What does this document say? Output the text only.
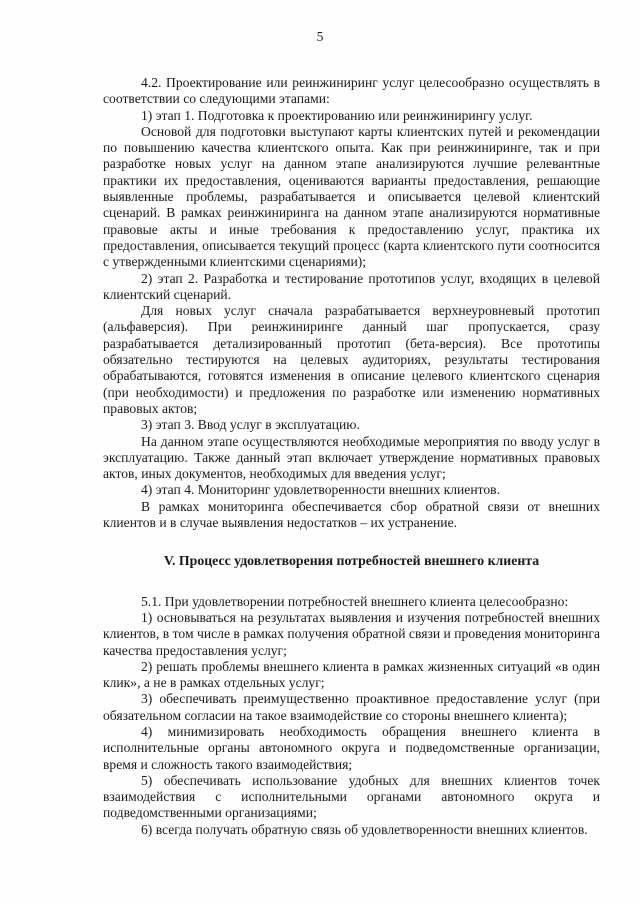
5

4.2. Проектирование или реинжиниринг услуг целесообразно осуществлять в соответствии со следующими этапами:

1) этап 1. Подготовка к проектированию или реинжинирингу услуг.

Основой для подготовки выступают карты клиентских путей и рекомендации по повышению качества клиентского опыта. Как при реинжиниринге, так и при разработке новых услуг на данном этапе анализируются лучшие релевантные практики их предоставления, оцениваются варианты предоставления, решающие выявленные проблемы, разрабатывается и описывается целевой клиентский сценарий. В рамках реинжиниринга на данном этапе анализируются нормативные правовые акты и иные требования к предоставлению услуг, практика их предоставления, описывается текущий процесс (карта клиентского пути соотносится с утвержденными клиентскими сценариями);

2) этап 2. Разработка и тестирование прототипов услуг, входящих в целевой клиентский сценарий.

Для новых услуг сначала разрабатывается верхнеуровневый прототип (альфаверсия). При реинжиниринге данный шаг пропускается, сразу разрабатывается детализированный прототип (бета-версия). Все прототипы обязательно тестируются на целевых аудиториях, результаты тестирования обрабатываются, готовятся изменения в описание целевого клиентского сценария (при необходимости) и предложения по разработке или изменению нормативных правовых актов;

3) этап 3. Ввод услуг в эксплуатацию.

На данном этапе осуществляются необходимые мероприятия по вводу услуг в эксплуатацию. Также данный этап включает утверждение нормативных правовых актов, иных документов, необходимых для введения услуг;

4) этап 4. Мониторинг удовлетворенности внешних клиентов.

В рамках мониторинга обеспечивается сбор обратной связи от внешних клиентов и в случае выявления недостатков – их устранение.

V. Процесс удовлетворения потребностей внешнего клиента

5.1. При удовлетворении потребностей внешнего клиента целесообразно:

1) основываться на результатах выявления и изучения потребностей внешних клиентов, в том числе в рамках получения обратной связи и проведения мониторинга качества предоставления услуг;

2) решать проблемы внешнего клиента в рамках жизненных ситуаций «в один клик», а не в рамках отдельных услуг;

3) обеспечивать преимущественно проактивное предоставление услуг (при обязательном согласии на такое взаимодействие со стороны внешнего клиента);

4) минимизировать необходимость обращения внешнего клиента в исполнительные органы автономного округа и подведомственные организации, время и сложность такого взаимодействия;

5) обеспечивать использование удобных для внешних клиентов точек взаимодействия с исполнительными органами автономного округа и подведомственными организациями;

6) всегда получать обратную связь об удовлетворенности внешних клиентов.
